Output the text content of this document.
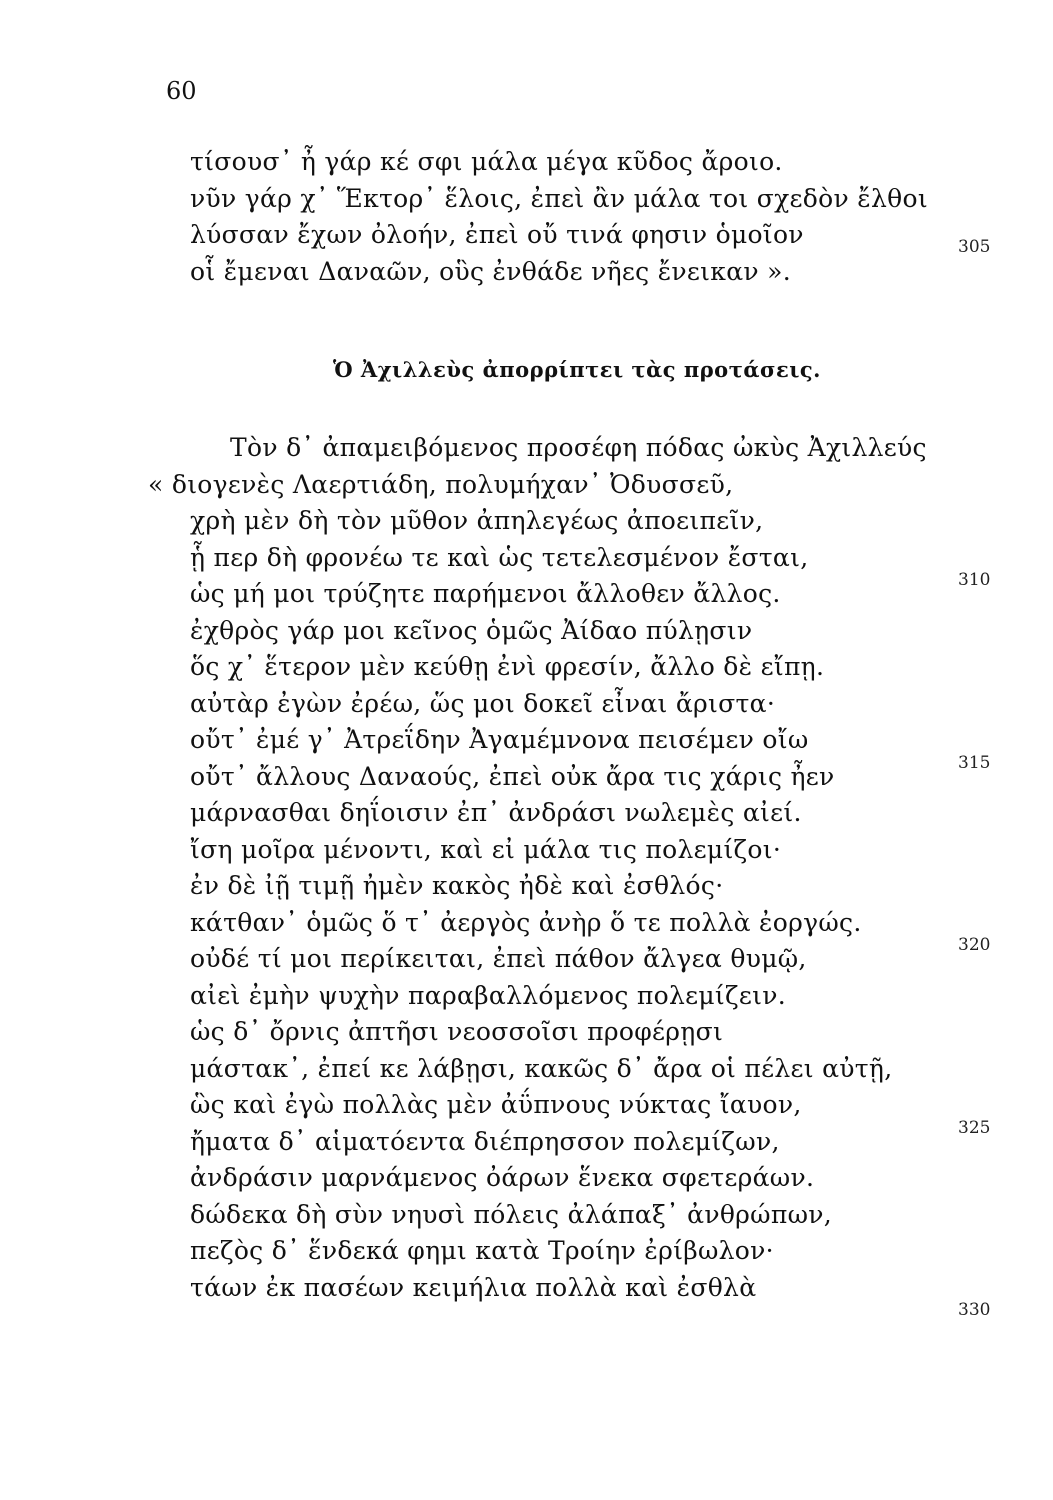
60
τίσουσ᾽ ἦ γάρ κέ σφι μάλα μέγα κῦδος ἄροιο.
νῦν γάρ χ᾽ Ἕκτορ᾽ ἕλοις, ἐπεὶ ἂν μάλα τοι σχεδὸν ἔλθοι
λύσσαν ἔχων ὀλοήν, ἐπεὶ οὔ τινά φησιν ὁμοῖον
οἷ ἔμεναι Δαναῶν, οὓς ἐνθάδε νῆες ἔνεικαν ».
Ὁ Ἀχιλλεὺς ἀπορρίπτει τὰς προτάσεις.
Τὸν δ᾽ ἀπαμειβόμενος προσέφη πόδας ὠκὺς Ἀχιλλεύς
« διογενὲς Λαερτιάδη, πολυμήχαν᾽ Ὀδυσσεῦ,
χρὴ μὲν δὴ τὸν μῦθον ἀπηλεγέως ἀποειπεῖν,
ᾗ περ δὴ φρονέω τε καὶ ὡς τετελεσμένον ἔσται,
ὡς μή μοι τρύζητε παρήμενοι ἄλλοθεν ἄλλος.
ἐχθρὸς γάρ μοι κεῖνος ὁμῶς Ἀίδαο πύλῃσιν
ὅς χ᾽ ἕτερον μὲν κεύθῃ ἐνὶ φρεσίν, ἄλλο δὲ εἴπῃ.
αὐτὰρ ἐγὼν ἐρέω, ὥς μοι δοκεῖ εἶναι ἄριστα·
οὔτ᾽ ἐμέ γ᾽ Ἀτρεΐδην Ἀγαμέμνονα πεισέμεν οἴω
οὔτ᾽ ἄλλους Δαναούς, ἐπεὶ οὐκ ἄρα τις χάρις ἦεν
μάρνασθαι δηΐοισιν ἐπ᾽ ἀνδράσι νωλεμὲς αἰεί.
ἴση μοῖρα μένοντι, καὶ εἰ μάλα τις πολεμίζοι·
ἐν δὲ ἰῇ τιμῇ ἠμὲν κακὸς ἠδὲ καὶ ἐσθλός·
κάτθαν᾽ ὁμῶς ὅ τ᾽ ἀεργὸς ἀνὴρ ὅ τε πολλὰ ἐοργώς.
οὐδέ τί μοι περίκειται, ἐπεὶ πάθον ἄλγεα θυμῷ,
αἰεὶ ἐμὴν ψυχὴν παραβαλλόμενος πολεμίζειν.
ὡς δ᾽ ὄρνις ἀπτῆσι νεοσσοῖσι προφέρῃσι
μάστακ᾽, ἐπεί κε λάβῃσι, κακῶς δ᾽ ἄρα οἱ πέλει αὐτῇ,
ὣς καὶ ἐγὼ πολλὰς μὲν ἀΰπνους νύκτας ἴαυον,
ἤματα δ᾽ αἱματόεντα διέπρησσον πολεμίζων,
ἀνδράσιν μαρνάμενος ὀάρων ἕνεκα σφετεράων.
δώδεκα δὴ σὺν νηυσὶ πόλεις ἀλάπαξ᾽ ἀνθρώπων,
πεζὸς δ᾽ ἕνδεκά φημι κατὰ Τροίην ἐρίβωλον·
τάων ἐκ πασέων κειμήλια πολλὰ καὶ ἐσθλὰ
305
310
315
320
325
330
